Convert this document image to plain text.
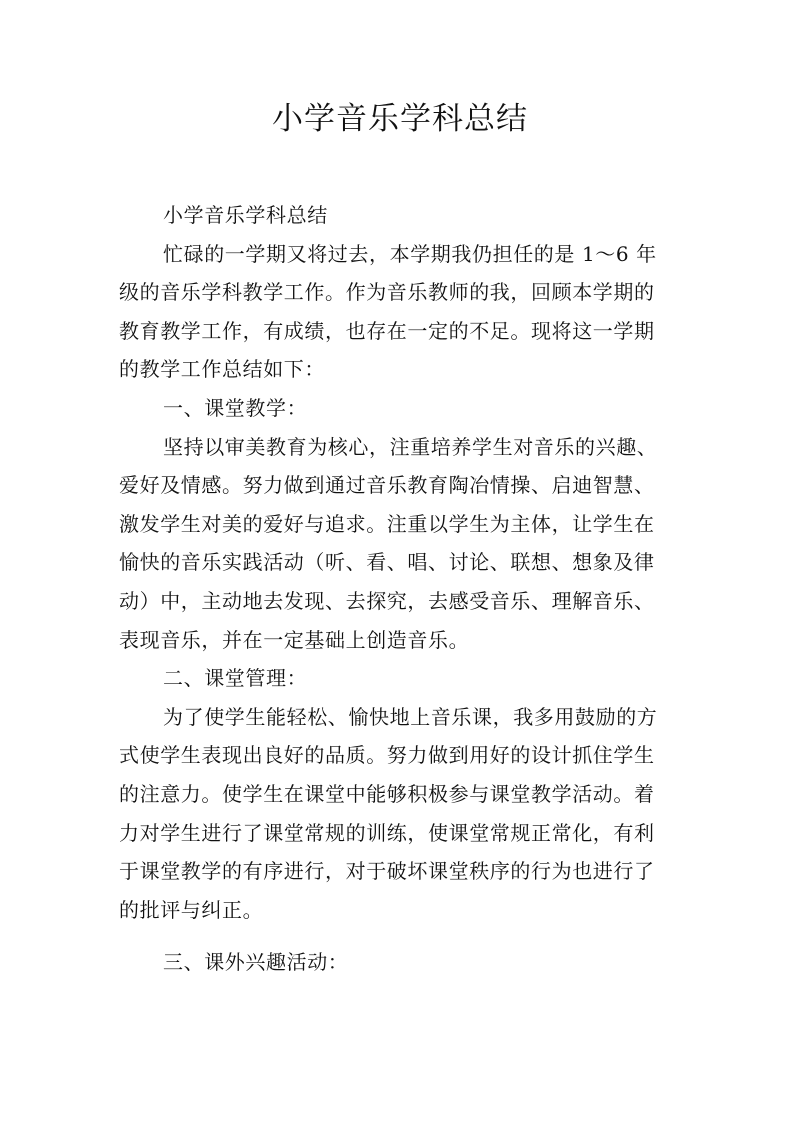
小学音乐学科总结
小学音乐学科总结
忙碌的一学期又将过去，本学期我仍担任的是 1～6 年
级的音乐学科教学工作。作为音乐教师的我，回顾本学期的
教育教学工作，有成绩，也存在一定的不足。现将这一学期
的教学工作总结如下：
一、课堂教学：
坚持以审美教育为核心，注重培养学生对音乐的兴趣、
爱好及情感。努力做到通过音乐教育陶冶情操、启迪智慧、
激发学生对美的爱好与追求。注重以学生为主体，让学生在
愉快的音乐实践活动（听、看、唱、讨论、联想、想象及律
动）中，主动地去发现、去探究，去感受音乐、理解音乐、
表现音乐，并在一定基础上创造音乐。
二、课堂管理：
为了使学生能轻松、愉快地上音乐课，我多用鼓励的方
式使学生表现出良好的品质。努力做到用好的设计抓住学生
的注意力。使学生在课堂中能够积极参与课堂教学活动。着
力对学生进行了课堂常规的训练，使课堂常规正常化，有利
于课堂教学的有序进行，对于破坏课堂秩序的行为也进行了
的批评与纠正。
三、课外兴趣活动：
